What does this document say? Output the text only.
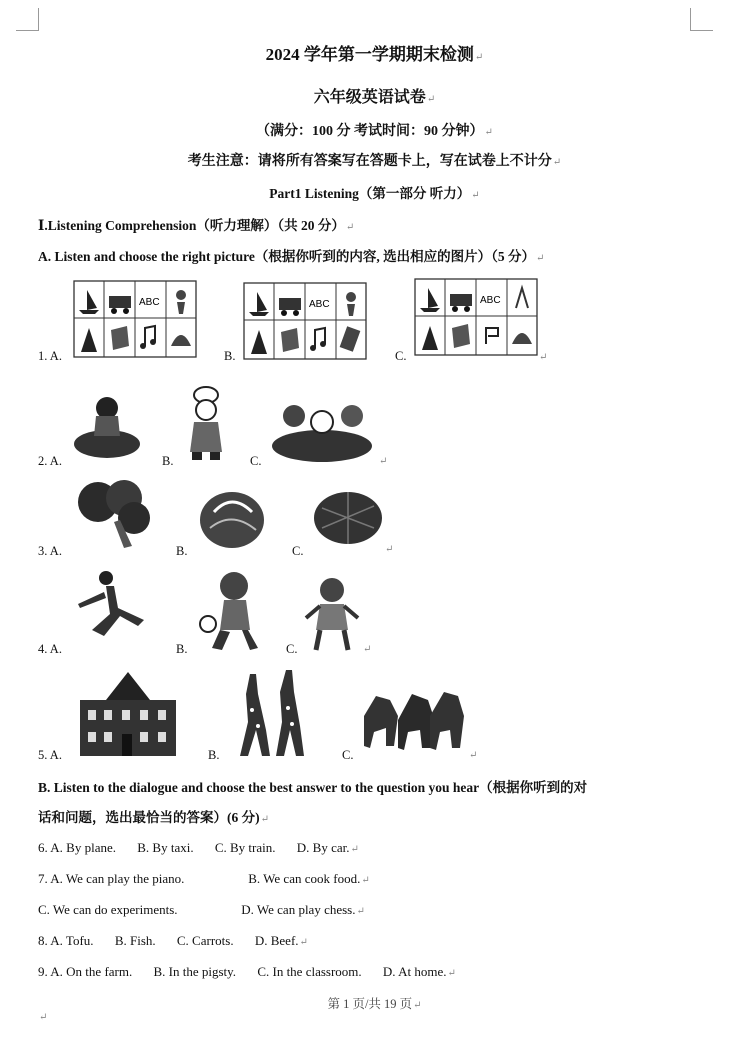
2024 学年第一学期期末检测↵
六年级英语试卷↵
（满分：100 分 考试时间：90 分钟）↵
考生注意：请将所有答案写在答题卡上，写在试卷上不计分↵
Part1 Listening（第一部分 听力）↵
Ⅰ.Listening Comprehension（听力理解）（共 20 分）↵
A. Listen and choose the right picture（根据你听到的内容, 选出相应的图片）（5 分）↵
1. A.	B.	C.
ABC	ABC	ABC
↵
2. A.	B.	C.	↵
3. A.	B.	C.	↵
4. A.	B.	C.	↵
5. A.	B.	C.	↵
B. Listen to the dialogue and choose the best answer to the question you hear（根据你听到的对
话和问题，选出最恰当的答案）(6 分)↵
6. A. By plane. B. By taxi. C. By train. D. By car.↵
7. A. We can play the piano.	B. We can cook food.↵
C. We can do experiments.	D. We can play chess.↵
8. A. Tofu. B. Fish. C. Carrots. D. Beef.↵
9. A. On the farm. B. In the pigsty. C. In the classroom. D. At home.↵
第 1 页/共 19 页↵
↵
